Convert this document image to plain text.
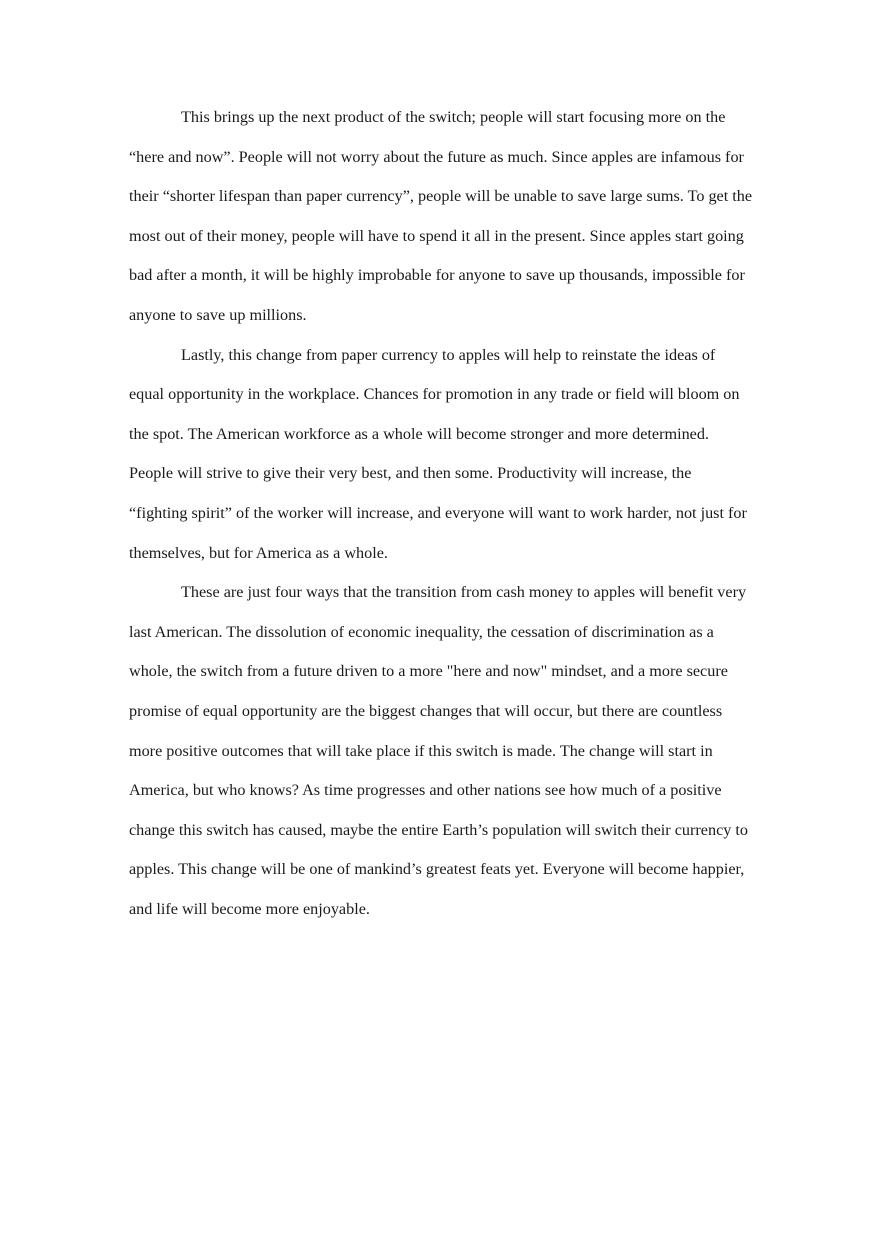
This brings up the next product of the switch; people will start focusing more on the “here and now”. People will not worry about the future as much. Since apples are infamous for their “shorter lifespan than paper currency”, people will be unable to save large sums. To get the most out of their money, people will have to spend it all in the present. Since apples start going bad after a month, it will be highly improbable for anyone to save up thousands, impossible for anyone to save up millions.

Lastly, this change from paper currency to apples will help to reinstate the ideas of equal opportunity in the workplace. Chances for promotion in any trade or field will bloom on the spot. The American workforce as a whole will become stronger and more determined. People will strive to give their very best, and then some. Productivity will increase, the “fighting spirit” of the worker will increase, and everyone will want to work harder, not just for themselves, but for America as a whole.

These are just four ways that the transition from cash money to apples will benefit very last American. The dissolution of economic inequality, the cessation of discrimination as a whole, the switch from a future driven to a more "here and now" mindset, and a more secure promise of equal opportunity are the biggest changes that will occur, but there are countless more positive outcomes that will take place if this switch is made. The change will start in America, but who knows? As time progresses and other nations see how much of a positive change this switch has caused, maybe the entire Earth’s population will switch their currency to apples. This change will be one of mankind’s greatest feats yet. Everyone will become happier, and life will become more enjoyable.
